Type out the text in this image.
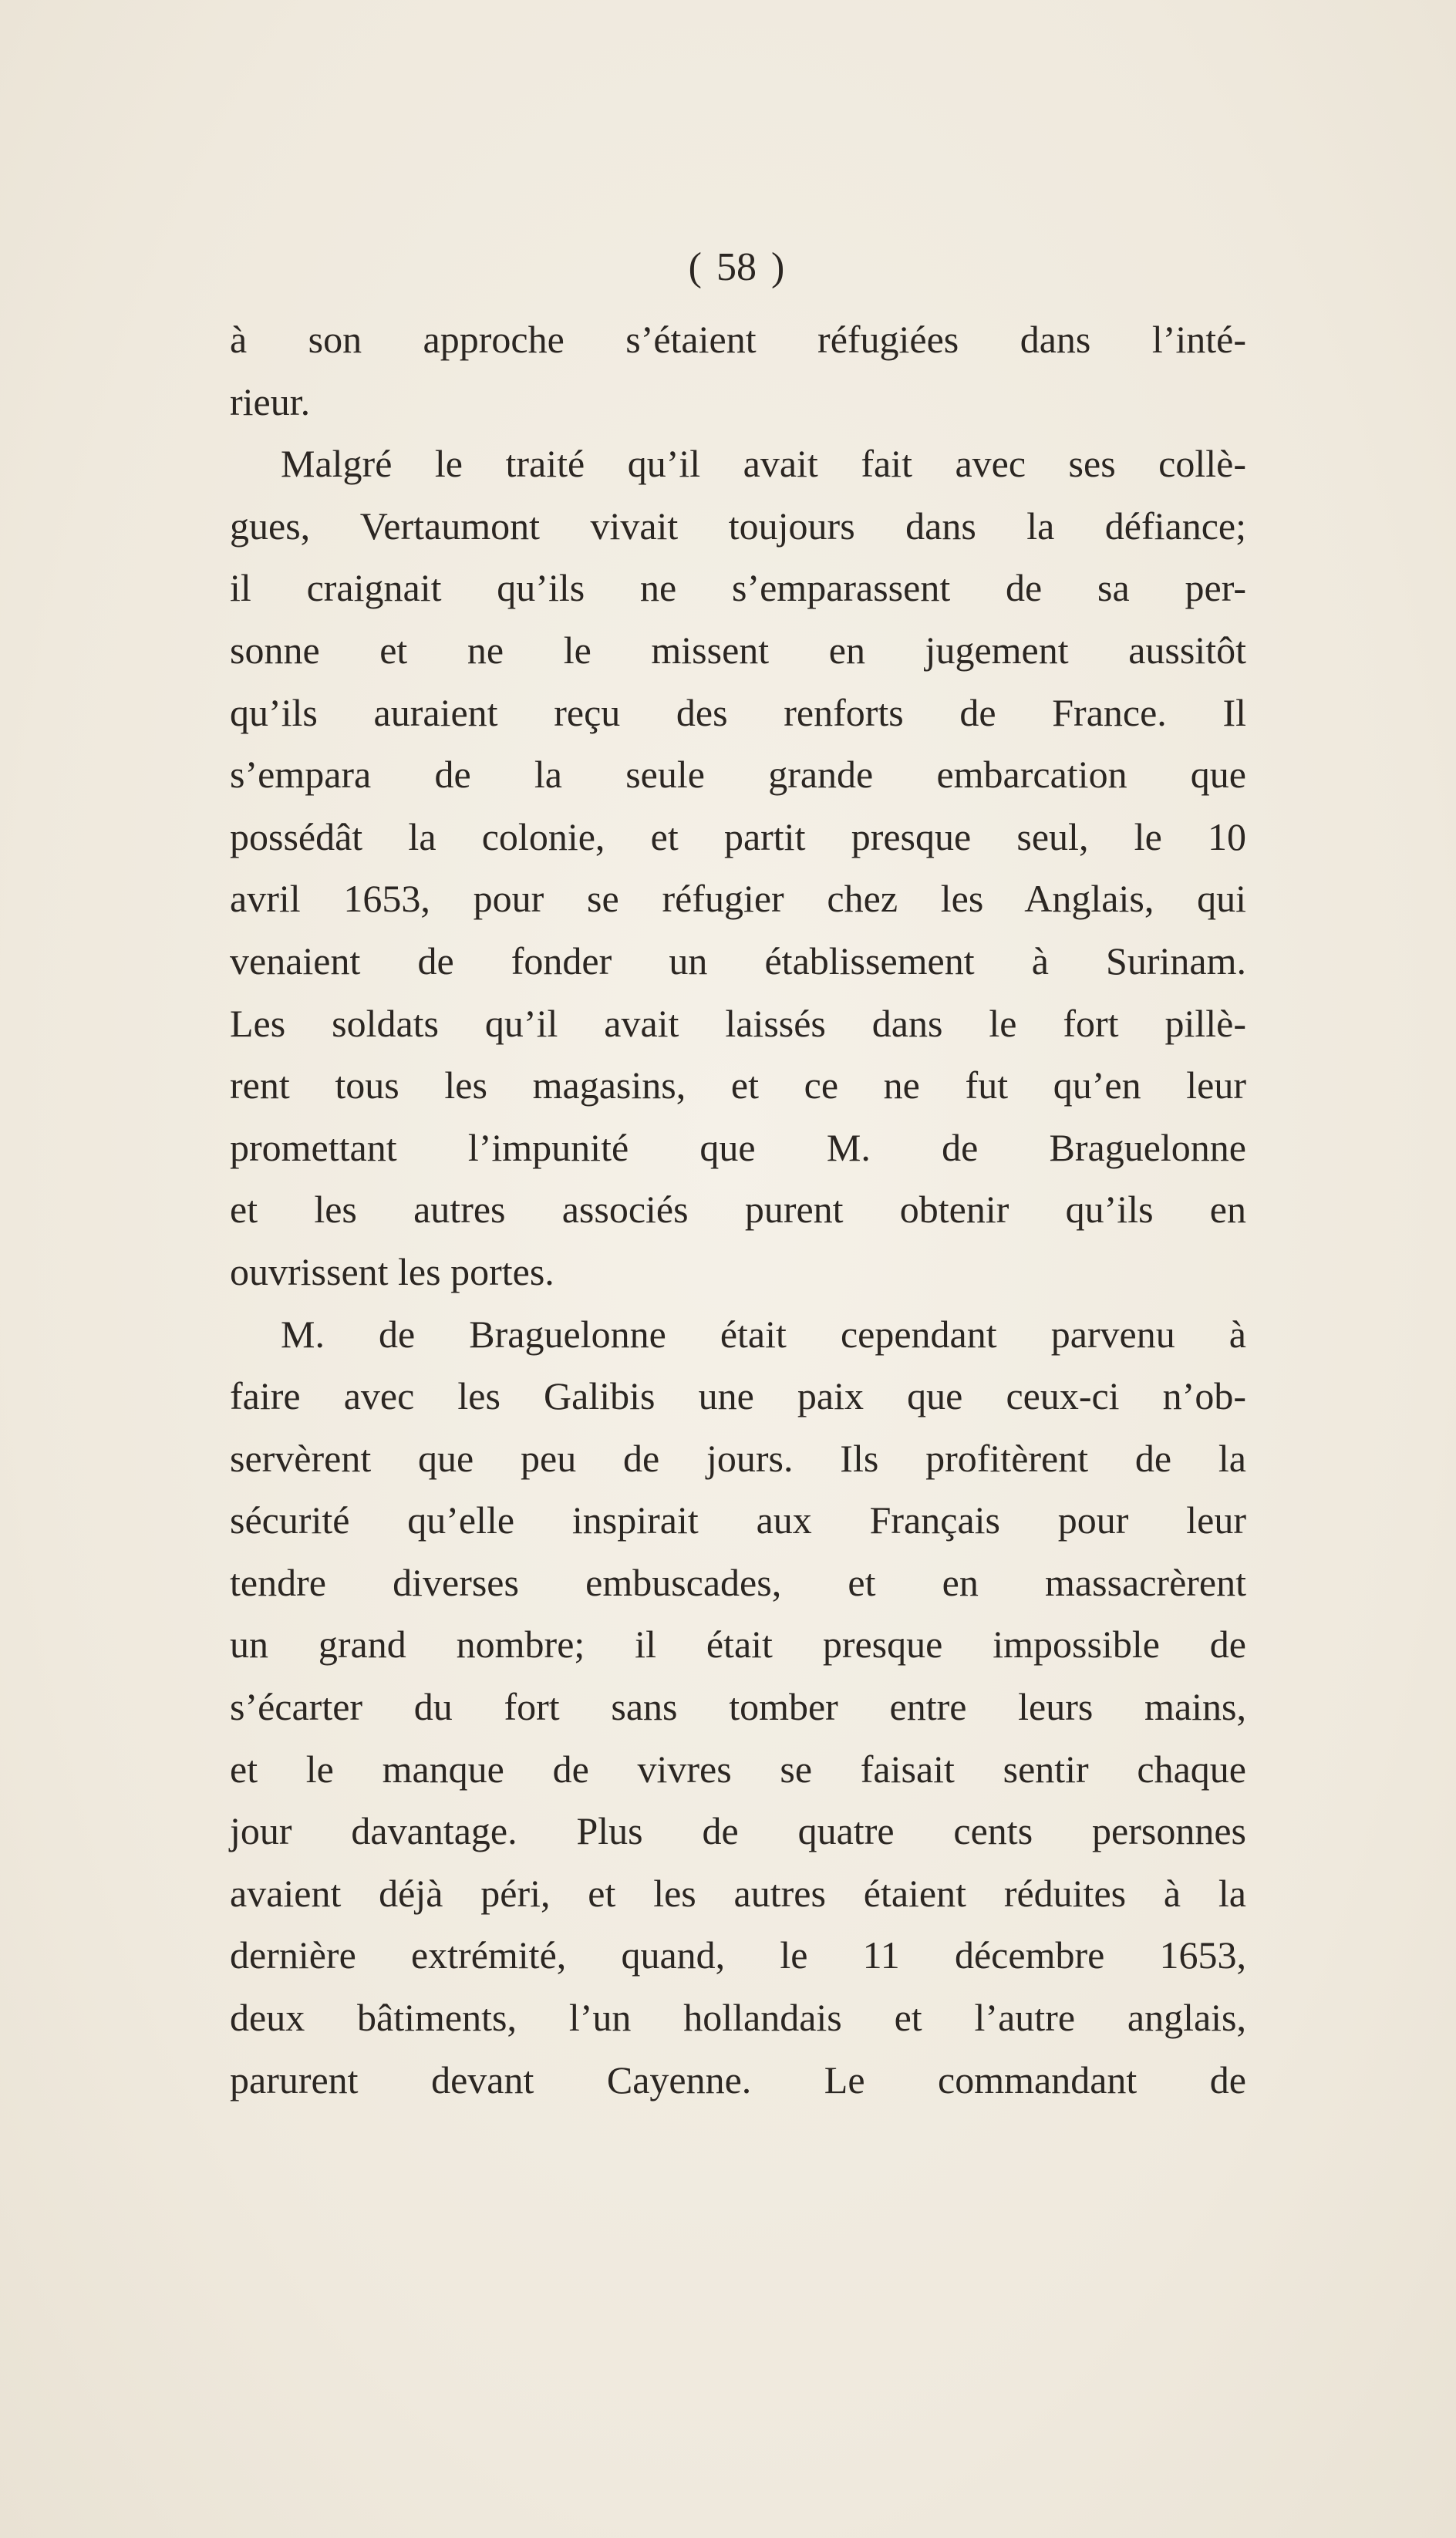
( 58 )
à son approche s’étaient réfugiées dans l’inté-
rieur.
Malgré le traité qu’il avait fait avec ses collè-
gues, Vertaumont vivait toujours dans la défiance;
il craignait qu’ils ne s’emparassent de sa per-
sonne et ne le missent en jugement aussitôt
qu’ils auraient reçu des renforts de France. Il
s’empara de la seule grande embarcation que
possédât la colonie, et partit presque seul, le 10
avril 1653, pour se réfugier chez les Anglais, qui
venaient de fonder un établissement à Surinam.
Les soldats qu’il avait laissés dans le fort pillè-
rent tous les magasins, et ce ne fut qu’en leur
promettant l’impunité que M. de Braguelonne
et les autres associés purent obtenir qu’ils en
ouvrissent les portes.
M. de Braguelonne était cependant parvenu à
faire avec les Galibis une paix que ceux-ci n’ob-
servèrent que peu de jours. Ils profitèrent de la
sécurité qu’elle inspirait aux Français pour leur
tendre diverses embuscades, et en massacrèrent
un grand nombre; il était presque impossible de
s’écarter du fort sans tomber entre leurs mains,
et le manque de vivres se faisait sentir chaque
jour davantage. Plus de quatre cents personnes
avaient déjà péri, et les autres étaient réduites à la
dernière extrémité, quand, le 11 décembre 1653,
deux bâtiments, l’un hollandais et l’autre anglais,
parurent devant Cayenne. Le commandant de
